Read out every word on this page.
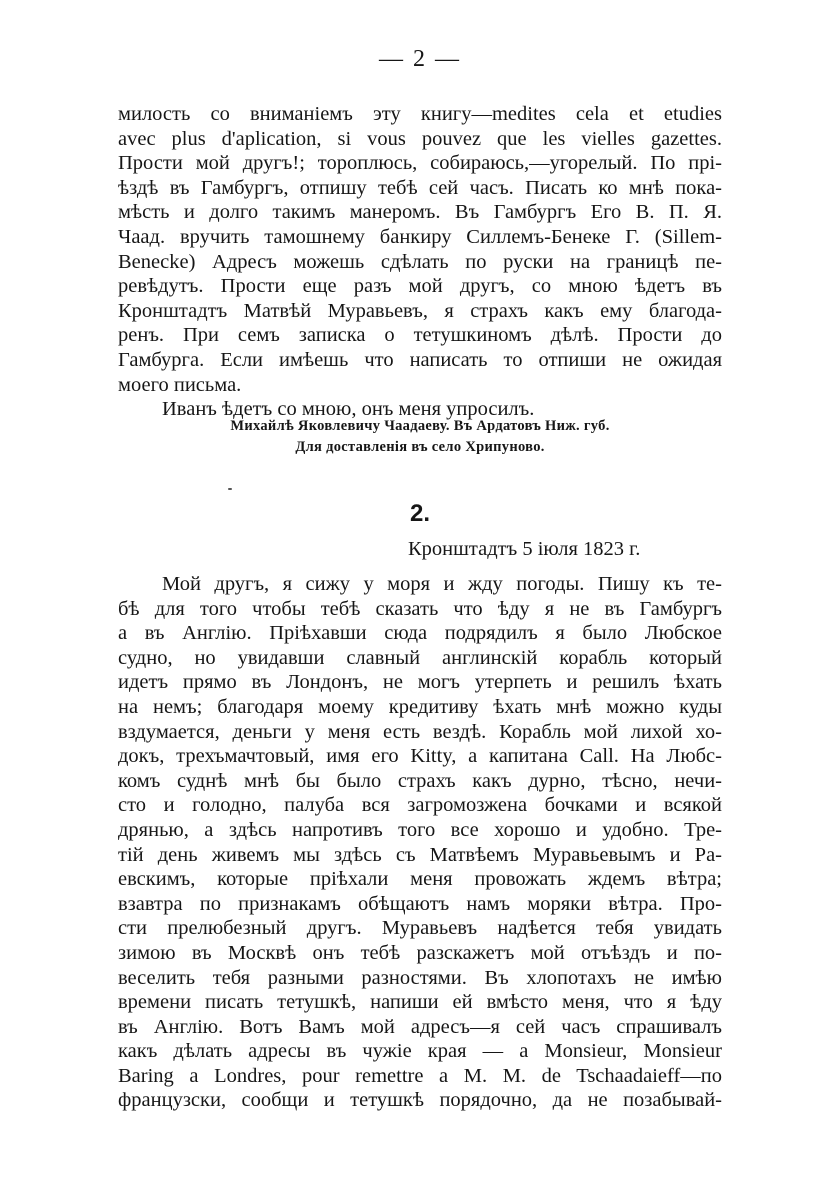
— 2 —
милость со вниманіемъ эту книгу—medites cela et etudies
avec plus d'aplication, si vous pouvez que les vielles gazettes.
Прости мой другъ!; тороплюсь, собираюсь,—угорелый. По прі-
ѣздѣ въ Гамбургъ, отпишу тебѣ сей часъ. Писать ко мнѣ пока-
мѣсть и долго такимъ манеромъ. Въ Гамбургъ Его В. П. Я.
Чаад. вручить тамошнему банкиру Силлемъ-Бенеке Г. (Sillem-
Benecke) Адресъ можешь сдѣлать по руски на границѣ пе-
ревѣдутъ. Прости еще разъ мой другъ, со мною ѣдетъ въ
Кронштадтъ Матвѣй Муравьевъ, я страхъ какъ ему благода-
ренъ. При семъ записка о тетушкиномъ дѣлѣ. Прости до
Гамбурга. Если имѣешь что написать то отпиши не ожидая
моего письма.
Иванъ ѣдетъ со мною, онъ меня упросилъ.
Михайлѣ Яковлевичу Чаадаеву. Въ Ардатовъ Ниж. губ.
Для доставленія въ село Хрипуново.
2.
Кронштадтъ 5 іюля 1823 г.
Мой другъ, я сижу у моря и жду погоды. Пишу къ те-
бѣ для того чтобы тебѣ сказать что ѣду я не въ Гамбургъ
а въ Англію. Пріѣхавши сюда подрядилъ я было Любское
судно, но увидавши славный англинскій корабль который
идетъ прямо въ Лондонъ, не могъ утерпеть и решилъ ѣхать
на немъ; благодаря моему кредитиву ѣхать мнѣ можно куды
вздумается, деньги у меня есть вездѣ. Корабль мой лихой хо-
докъ, трехъмачтовый, имя его Kitty, а капитана Call. На Любс-
комъ суднѣ мнѣ бы было страхъ какъ дурно, тѣсно, нечи-
сто и голодно, палуба вся загромозжена бочками и всякой
дрянью, а здѣсь напротивъ того все хорошо и удобно. Тре-
тій день живемъ мы здѣсь съ Матвѣемъ Муравьевымъ и Ра-
евскимъ, которые пріѣхали меня провожать ждемъ вѣтра;
взавтра по признакамъ обѣщаютъ намъ моряки вѣтра. Про-
сти прелюбезный другъ. Муравьевъ надѣется тебя увидать
зимою въ Москвѣ онъ тебѣ разскажетъ мой отъѣздъ и по-
веселить тебя разными разностями. Въ хлопотахъ не имѣю
времени писать тетушкѣ, напиши ей вмѣсто меня, что я ѣду
въ Англію. Вотъ Вамъ мой адресъ—я сей часъ спрашивалъ
какъ дѣлать адресы въ чужіе края — a Monsieur, Monsieur
Baring a Londres, pour remettre a M. M. de Tschaadaieff—по
французски, сообщи и тетушкѣ порядочно, да не позабывай-
